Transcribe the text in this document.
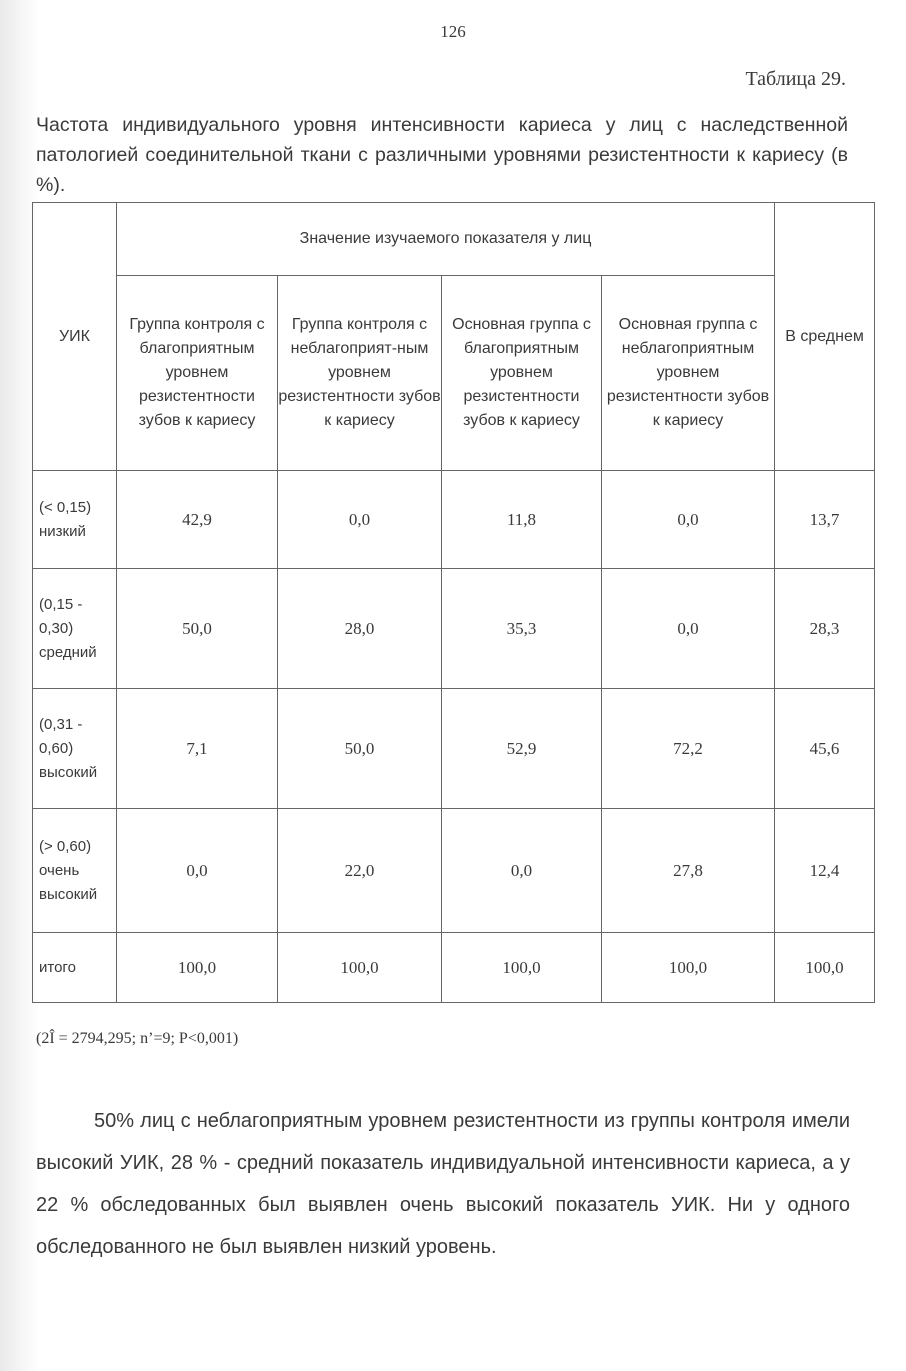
126
Таблица 29.
Частота индивидуального уровня интенсивности кариеса у лиц с наследственной патологией соединительной ткани с различными уровнями резистентности к кариесу (в %).
УИК	Значение изучаемого показателя у лиц				В среднем
	Группа контроля с благоприятным уровнем резистентности зубов к кариесу	Группа контроля с неблагоприят-ным уровнем резистентности зубов к кариесу	Основная группа с благоприятным уровнем резистентности зубов к кариесу	Основная группа с неблагоприятным уровнем резистентности зубов к кариесу	
(< 0,15) низкий	42,9	0,0	11,8	0,0	13,7
(0,15 - 0,30) средний	50,0	28,0	35,3	0,0	28,3
(0,31 - 0,60) высокий	7,1	50,0	52,9	72,2	45,6
(> 0,60) очень высокий	0,0	22,0	0,0	27,8	12,4
итого	100,0	100,0	100,0	100,0	100,0
(2Î = 2794,295; n’=9; P<0,001)
50% лиц с неблагоприятным уровнем резистентности из группы контроля имели высокий УИК, 28 % - средний показатель индивидуальной интенсивности кариеса, а у 22 % обследованных был выявлен очень высокий показатель УИК. Ни у одного обследованного не был выявлен низкий уровень.
